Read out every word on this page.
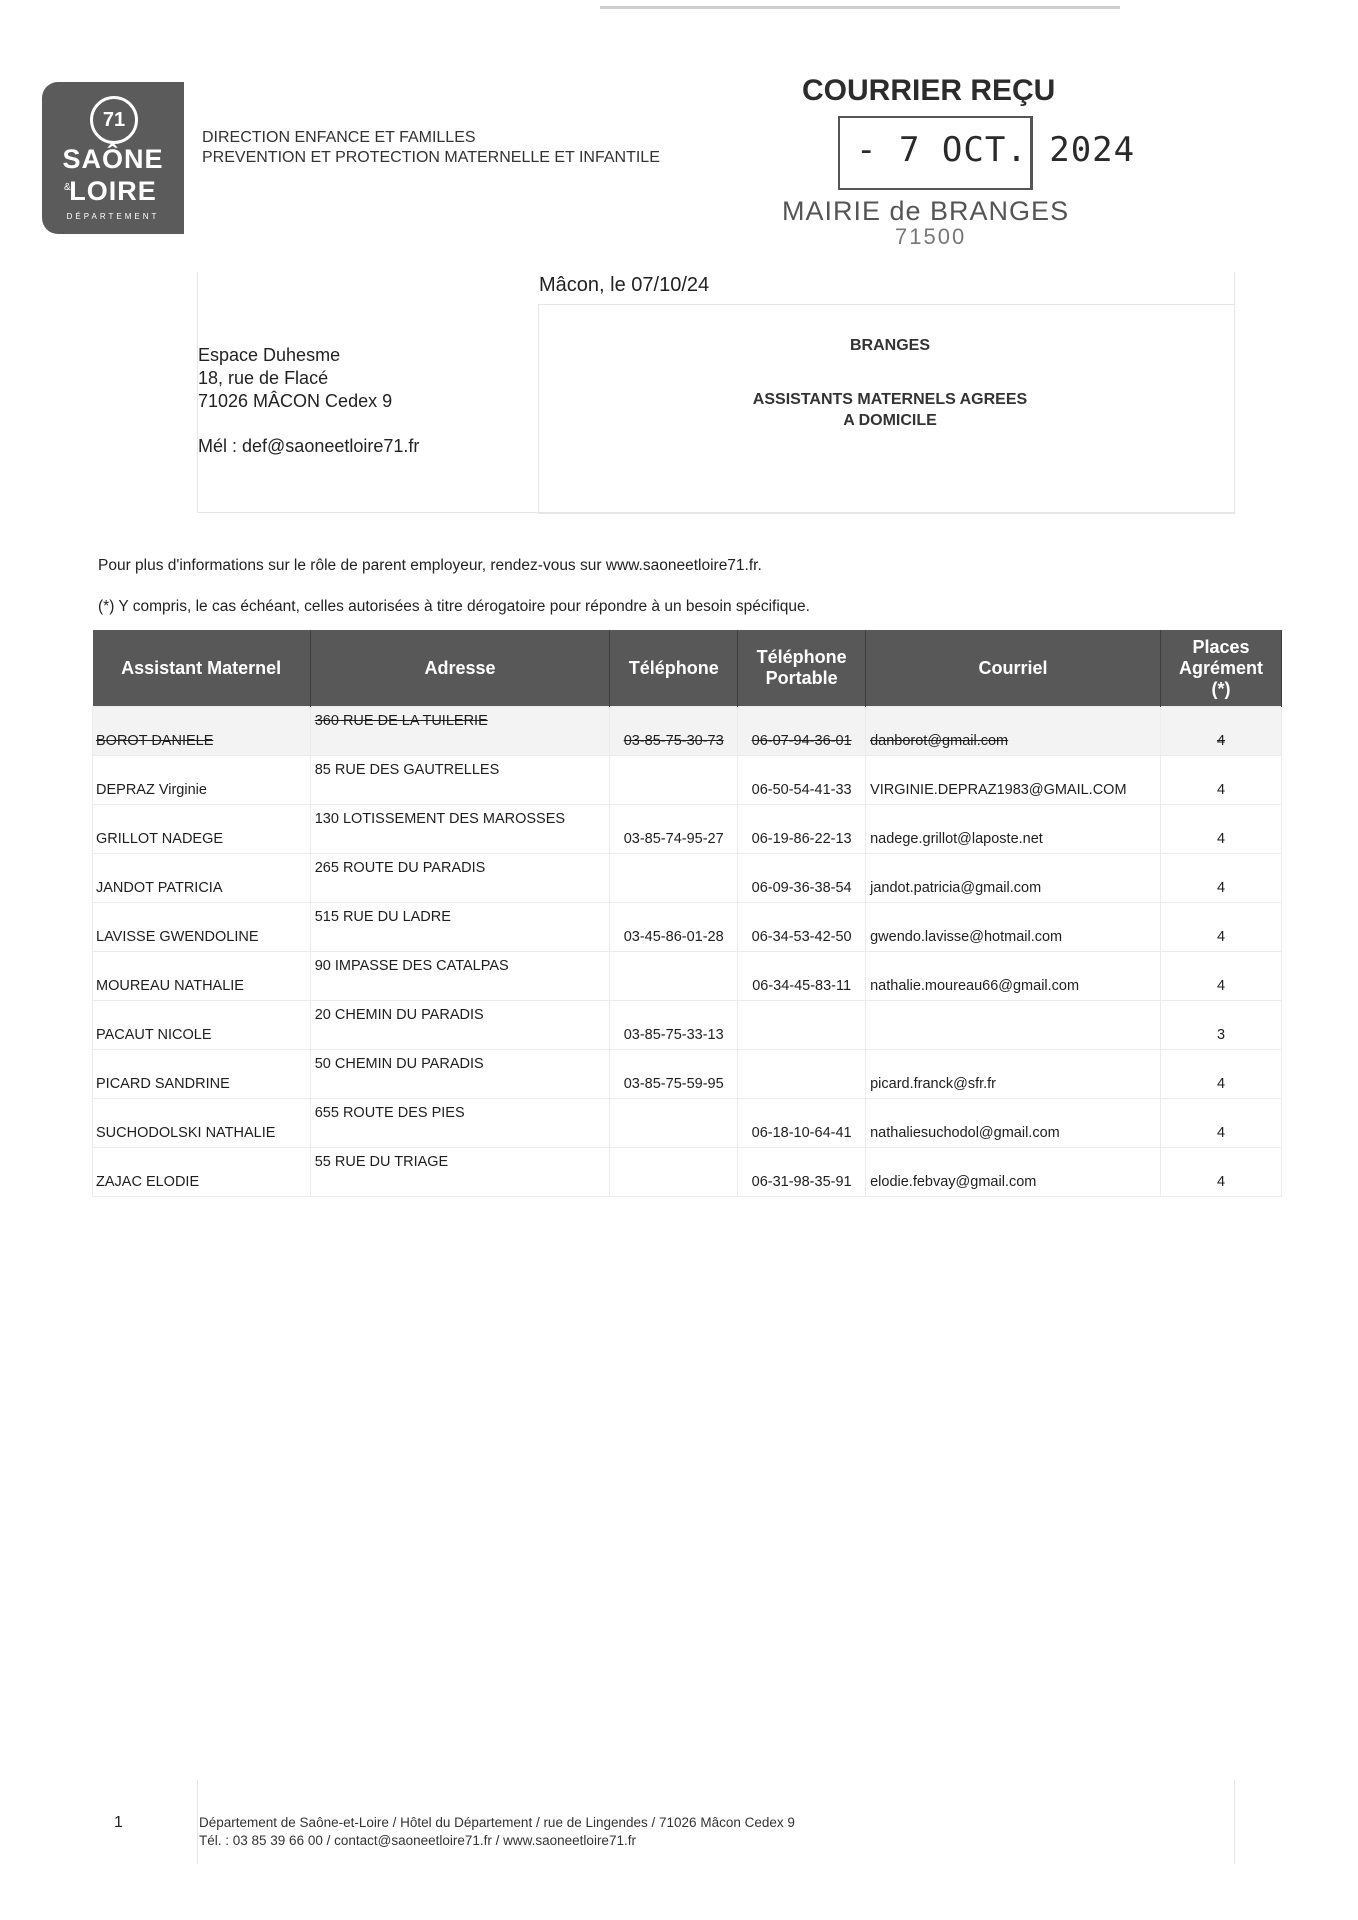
71
SAÔNE
&
LOIRE
DÉPARTEMENT
DIRECTION ENFANCE ET FAMILLES
PREVENTION ET PROTECTION MATERNELLE ET INFANTILE
COURRIER REÇU
- 7 OCT. 2024
MAIRIE de BRANGES
71500
Mâcon, le 07/10/24
Espace Duhesme
18, rue de Flacé
71026 MÂCON Cedex 9
Mél : def@saoneetloire71.fr
BRANGES
ASSISTANTS MATERNELS AGREES
A DOMICILE
Pour plus d'informations sur le rôle de parent employeur, rendez-vous sur www.saoneetloire71.fr.
(*) Y compris, le cas échéant, celles autorisées à titre dérogatoire pour répondre à un besoin spécifique.
Assistant Maternel	Adresse	Téléphone	Téléphone Portable	Courriel	Places Agrément (*)
BOROT DANIELE	360 RUE DE LA TUILERIE	03-85-75-30-73	06-07-94-36-01	danborot@gmail.com	4
DEPRAZ Virginie	85 RUE DES GAUTRELLES		06-50-54-41-33	VIRGINIE.DEPRAZ1983@GMAIL.COM	4
GRILLOT NADEGE	130 LOTISSEMENT DES MAROSSES	03-85-74-95-27	06-19-86-22-13	nadege.grillot@laposte.net	4
JANDOT PATRICIA	265 ROUTE DU PARADIS		06-09-36-38-54	jandot.patricia@gmail.com	4
LAVISSE GWENDOLINE	515 RUE DU LADRE	03-45-86-01-28	06-34-53-42-50	gwendo.lavisse@hotmail.com	4
MOUREAU NATHALIE	90 IMPASSE DES CATALPAS		06-34-45-83-11	nathalie.moureau66@gmail.com	4
PACAUT NICOLE	20 CHEMIN DU PARADIS	03-85-75-33-13			3
PICARD SANDRINE	50 CHEMIN DU PARADIS	03-85-75-59-95		picard.franck@sfr.fr	4
SUCHODOLSKI NATHALIE	655 ROUTE DES PIES		06-18-10-64-41	nathaliesuchodol@gmail.com	4
ZAJAC ELODIE	55 RUE DU TRIAGE		06-31-98-35-91	elodie.febvay@gmail.com	4
1	Département de Saône-et-Loire / Hôtel du Département / rue de Lingendes / 71026 Mâcon Cedex 9
Tél. : 03 85 39 66 00 / contact@saoneetloire71.fr / www.saoneetloire71.fr
